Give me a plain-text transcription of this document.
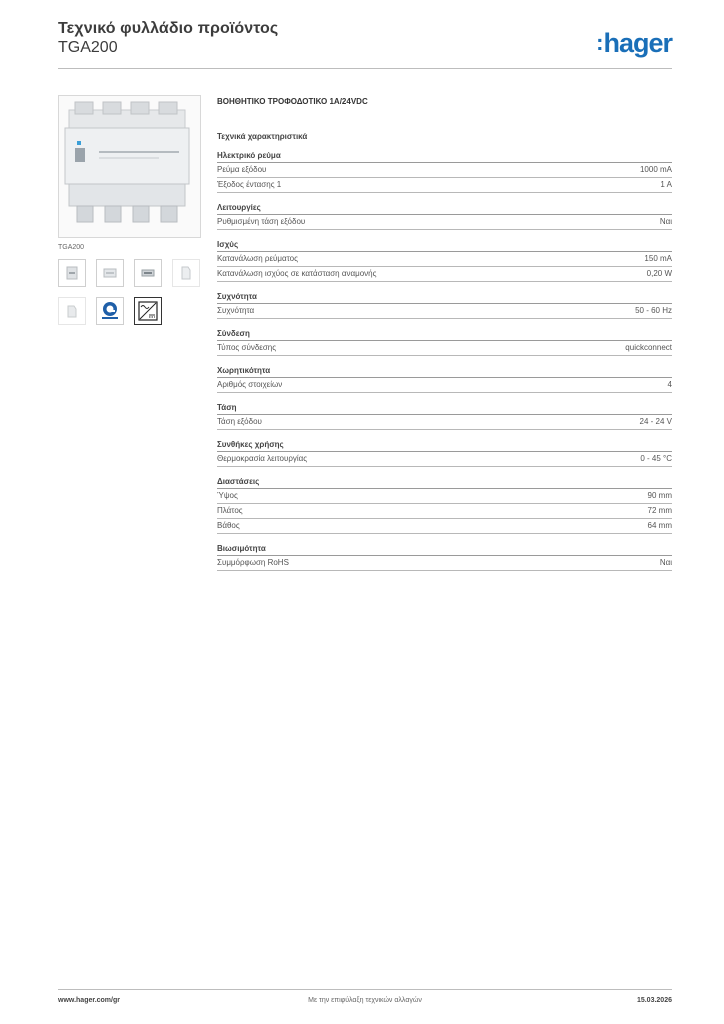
Τεχνικό φυλλάδιο προϊόντος
TGA200	:hager
TGA200
ΒΟΗΘΗΤΙΚΟ ΤΡΟΦΟΔΟΤΙΚΟ 1A/24VDC
Τεχνικά χαρακτηριστικά
Ηλεκτρικό ρεύμα
Ρεύμα εξόδου	1000 mA
Έξοδος έντασης 1	1 A
Λειτουργίες
Ρυθμισμένη τάση εξόδου	Ναι
Ισχύς
Κατανάλωση ρεύματος	150 mA
Κατανάλωση ισχύος σε κατάσταση αναμονής	0,20 W
Συχνότητα
Συχνότητα	50 - 60 Hz
Σύνδεση
Τύπος σύνδεσης	quickconnect
Χωρητικότητα
Αριθμός στοιχείων	4
Τάση
Τάση εξόδου	24 - 24 V
Συνθήκες χρήσης
Θερμοκρασία λειτουργίας	0 - 45 °C
Διαστάσεις
Ύψος	90 mm
Πλάτος	72 mm
Βάθος	64 mm
Βιωσιμότητα
Συμμόρφωση RoHS	Ναι
www.hager.com/gr	Με την επιφύλαξη τεχνικών αλλαγών	15.03.2026
